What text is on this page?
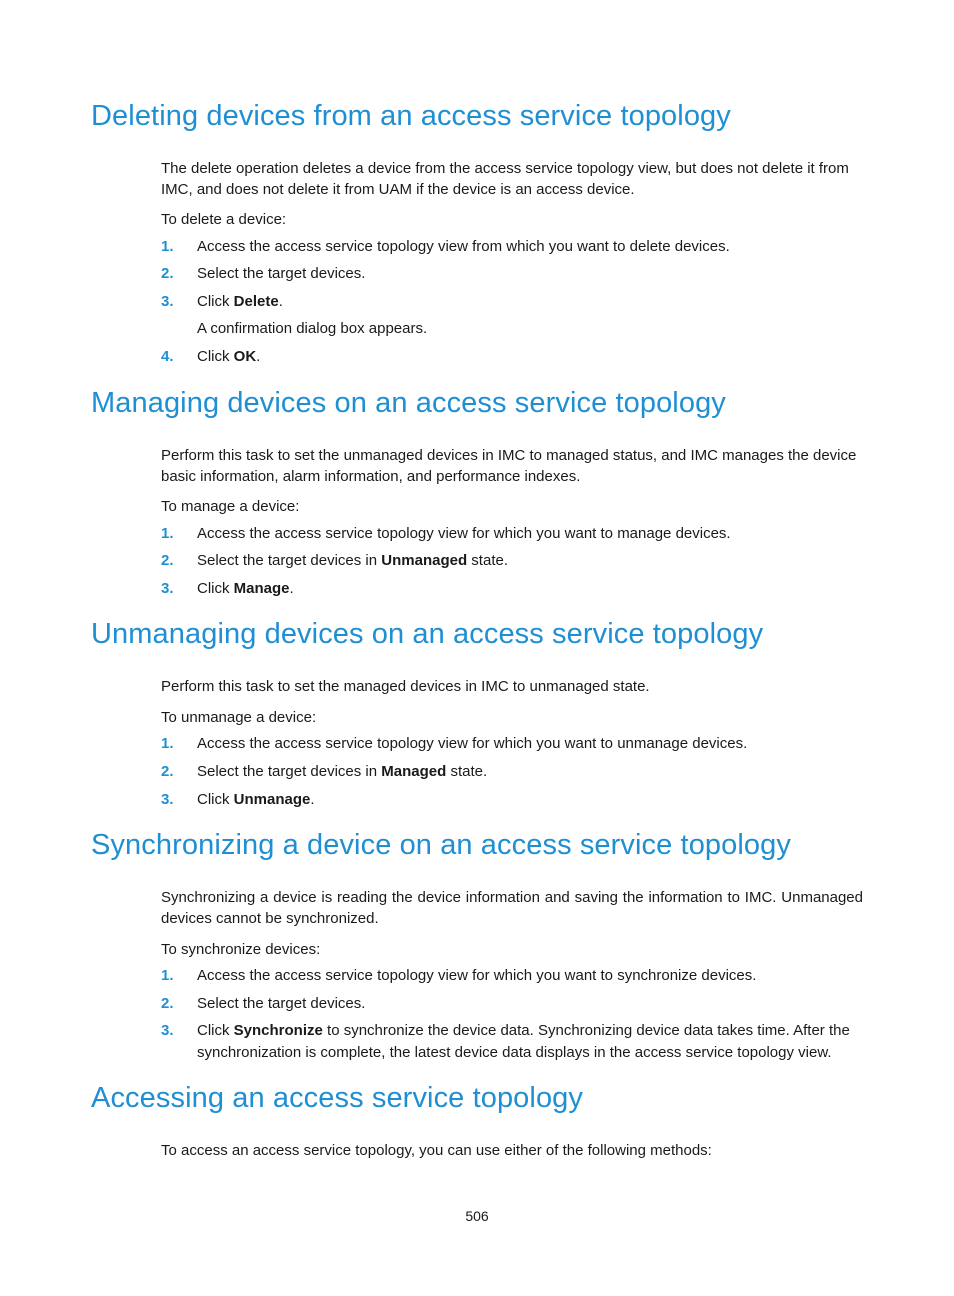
Deleting devices from an access service topology

The delete operation deletes a device from the access service topology view, but does not delete it from IMC, and does not delete it from UAM if the device is an access device.

To delete a device:

1. Access the access service topology view from which you want to delete devices.
2. Select the target devices.
3. Click Delete.
A confirmation dialog box appears.
4. Click OK.
Managing devices on an access service topology

Perform this task to set the unmanaged devices in IMC to managed status, and IMC manages the device basic information, alarm information, and performance indexes.

To manage a device:

1. Access the access service topology view for which you want to manage devices.
2. Select the target devices in Unmanaged state.
3. Click Manage.
Unmanaging devices on an access service topology

Perform this task to set the managed devices in IMC to unmanaged state.

To unmanage a device:

1. Access the access service topology view for which you want to unmanage devices.
2. Select the target devices in Managed state.
3. Click Unmanage.
Synchronizing a device on an access service topology

Synchronizing a device is reading the device information and saving the information to IMC. Unmanaged devices cannot be synchronized.

To synchronize devices:

1. Access the access service topology view for which you want to synchronize devices.
2. Select the target devices.
3. Click Synchronize to synchronize the device data. Synchronizing device data takes time. After the synchronization is complete, the latest device data displays in the access service topology view.
Accessing an access service topology

To access an access service topology, you can use either of the following methods:

506
